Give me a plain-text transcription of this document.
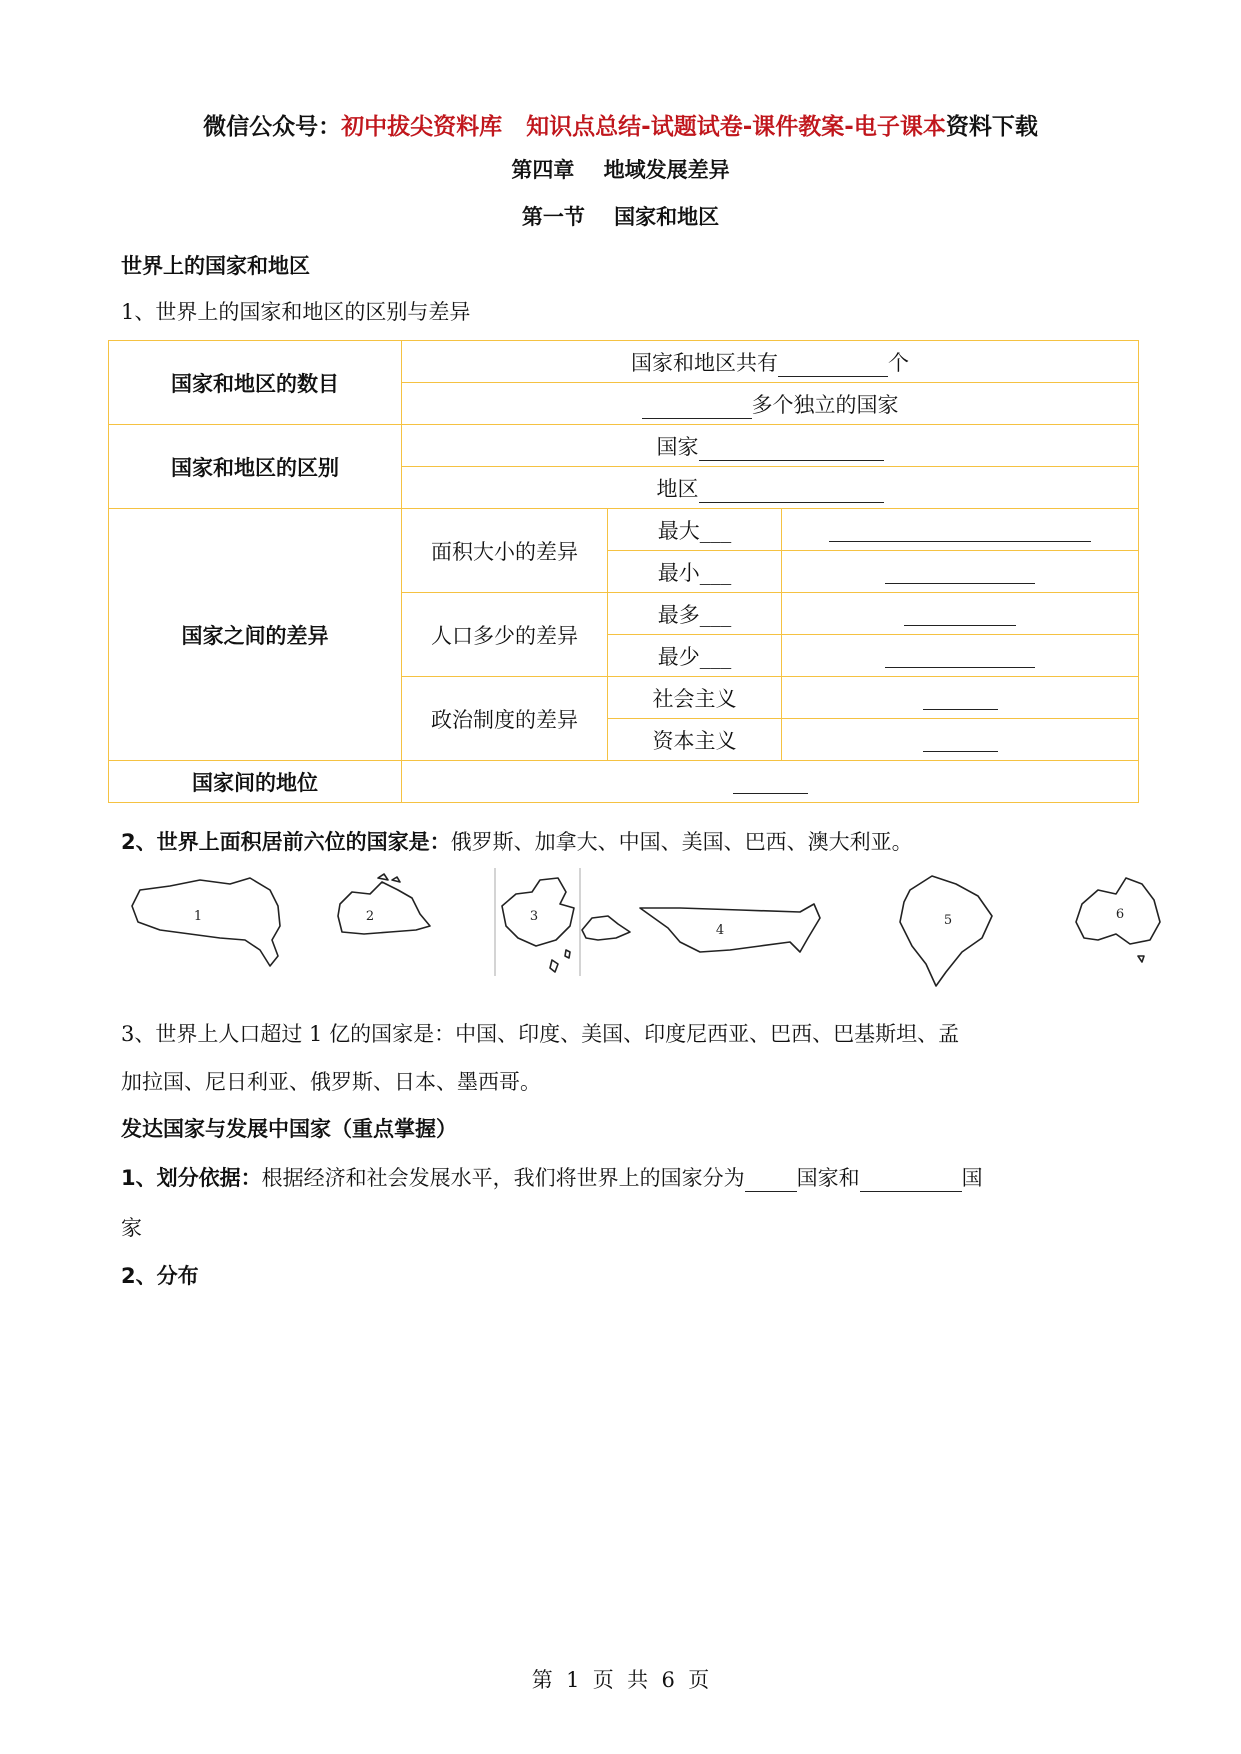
微信公众号：初中拔尖资料库   知识点总结-试题试卷-课件教案-电子课本资料下载
第四章    地域发展差异
第一节    国家和地区
世界上的国家和地区
1、世界上的国家和地区的区别与差异
国家和地区的数目	国家和地区共有 个		
	多个独立的国家		
国家和地区的区别	国家		
	地区		
国家之间的差异	面积大小的差异	最大___	
		最小___	
	人口多少的差异	最多___	
		最少___	
	政治制度的差异	社会主义	
		资本主义	
国家间的地位			
2、世界上面积居前六位的国家是：俄罗斯、加拿大、中国、美国、巴西、澳大利亚。
1	2	3
4
5	6
3、世界上人口超过 1 亿的国家是：中国、印度、美国、印度尼西亚、巴西、巴基斯坦、孟
加拉国、尼日利亚、俄罗斯、日本、墨西哥。
发达国家与发展中国家（重点掌握）
1、划分依据：根据经济和社会发展水平，我们将世界上的国家分为 国家和	国
家
2、分布
第  1  页  共  6  页
